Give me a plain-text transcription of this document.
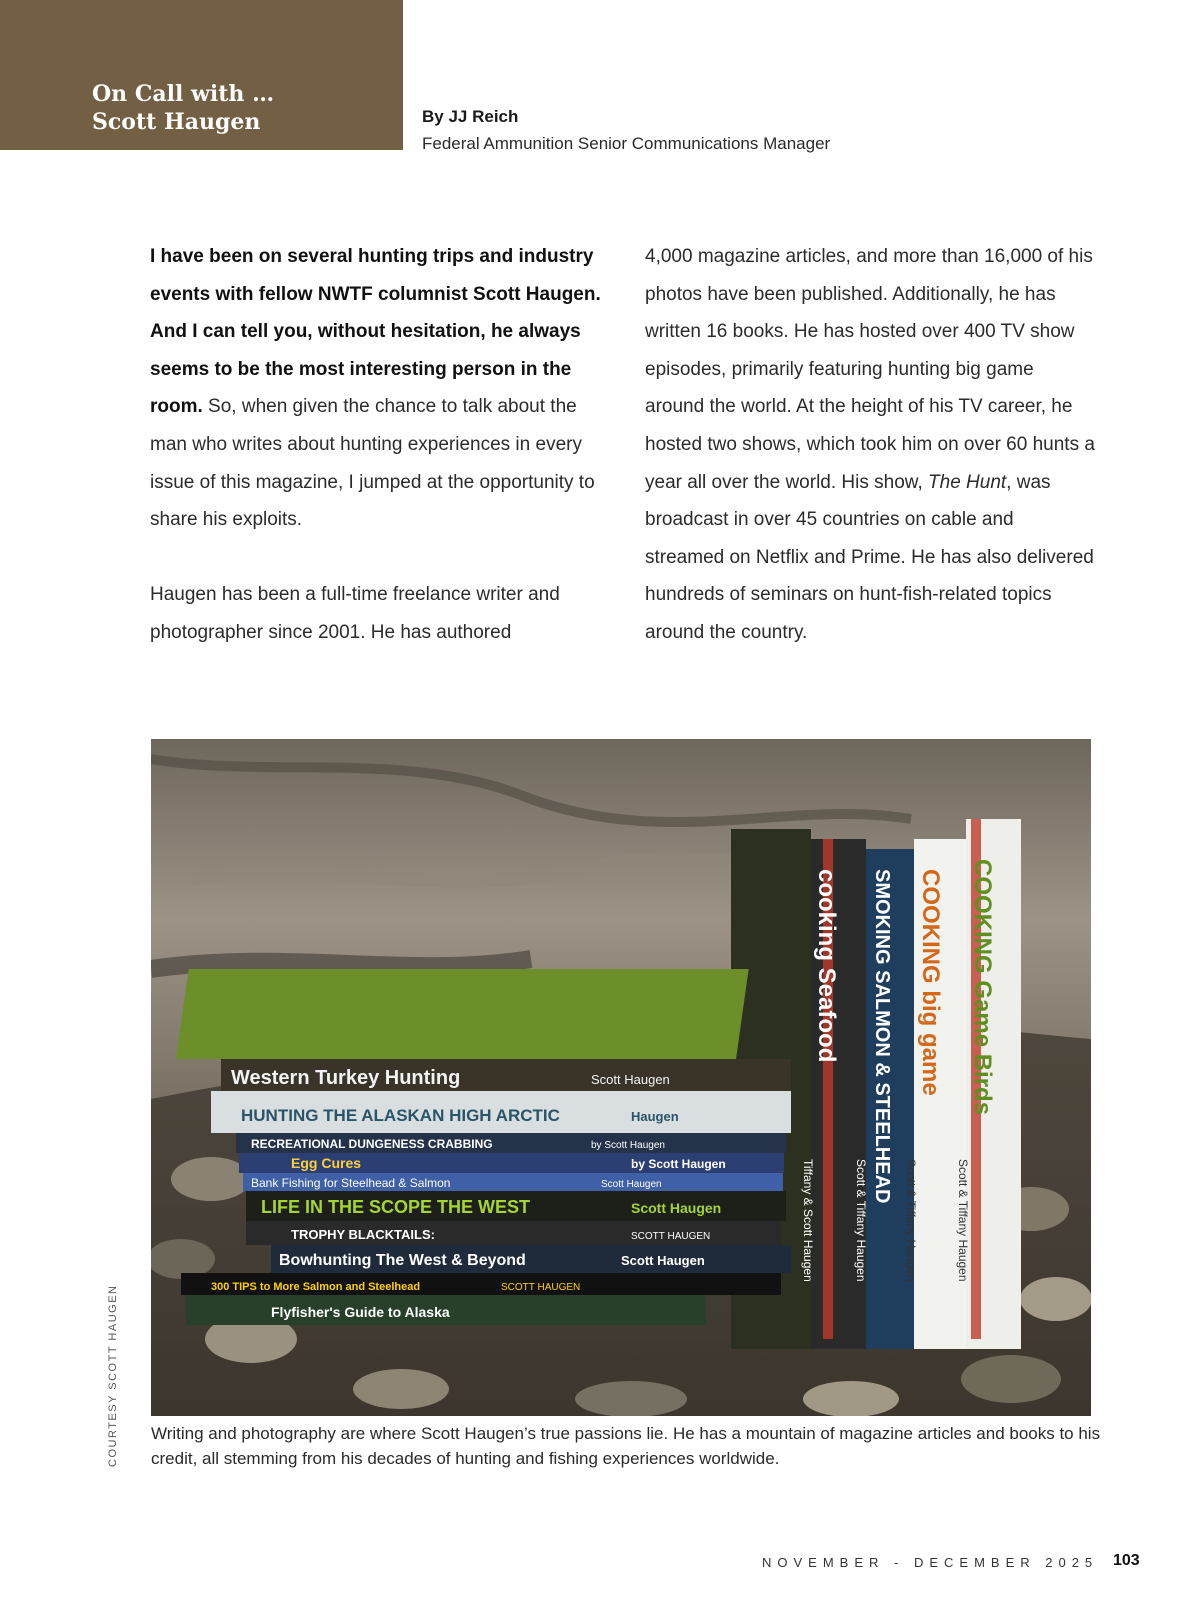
On Call with …
Scott Haugen	By JJ Reich
Federal Ammunition Senior Communications Manager

I have been on several hunting trips and industry events with fellow NWTF columnist Scott Haugen. And I can tell you, without hesitation, he always seems to be the most interesting person in the room. So, when given the chance to talk about the man who writes about hunting experiences in every issue of this magazine, I jumped at the opportunity to share his exploits.

Haugen has been a full-time freelance writer and photographer since 2001. He has authored

4,000 magazine articles, and more than 16,000 of his photos have been published. Additionally, he has written 16 books. He has hosted over 400 TV show episodes, primarily featuring hunting big game around the world. At the height of his TV career, he hosted two shows, which took him on over 60 hunts a year all over the world. His show, The Hunt, was broadcast in over 45 countries on cable and streamed on Netflix and Prime. He has also delivered hundreds of seminars on hunt-fish-related topics around the country.

cooking Seafood SMOKING SALMON & STEELHEAD COOKING big game COOKING Game Birds
Tiffany & Scott Haugen	Scott & Tiffany Haugen	Scott & Tiffany Haugen	Scott & Tiffany Haugen
Western Turkey Hunting
HUNTING THE ALASKAN HIGH ARCTIC
RECREATIONAL DUNGENESS CRABBING
Egg Cures
Bank Fishing for Steelhead & Salmon
LIFE IN THE SCOPE THE WEST
TROPHY BLACKTAILS:
Bowhunting The West & Beyond
300 TIPS to More Salmon and Steelhead
Flyfisher's Guide to Alaska
Scott Haugen
Haugen
by Scott Haugen
by Scott Haugen
Scott Haugen
Scott Haugen
SCOTT HAUGEN
Scott Haugen
SCOTT HAUGEN
COURTESY SCOTT HAUGEN Writing and photography are where Scott Haugen’s true passions lie. He has a mountain of magazine articles and books to his credit, all stemming from his decades of hunting and fishing experiences worldwide.
NOVEMBER - DECEMBER 2025 103
